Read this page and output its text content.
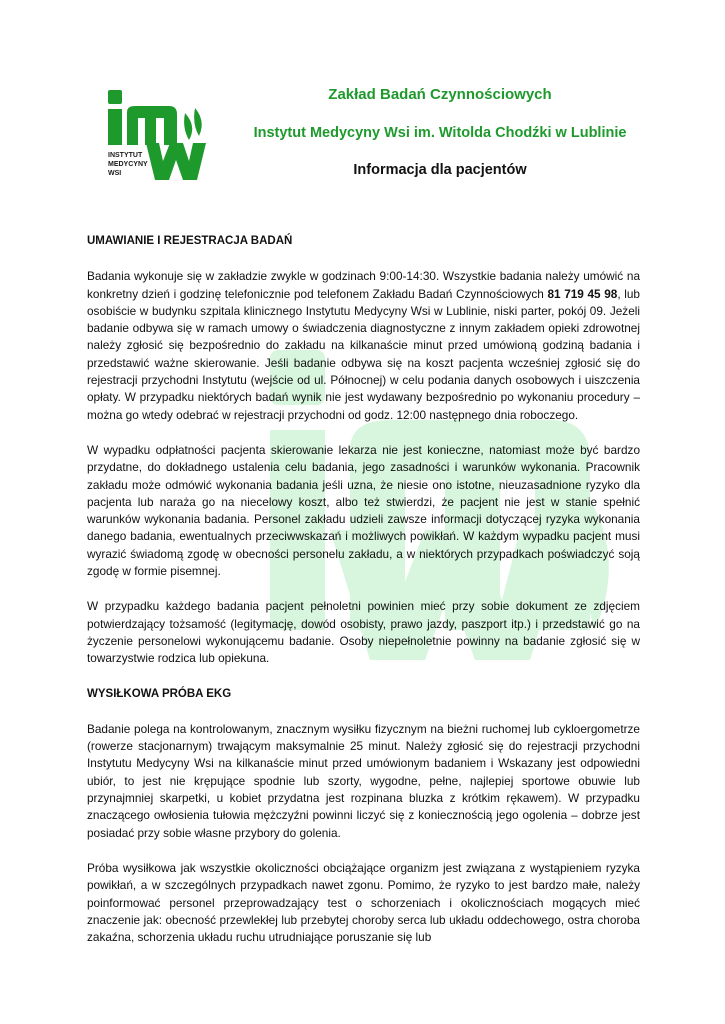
INSTYTUT
MEDYCYNY
WSI
Zakład Badań Czynnościowych
Instytut Medycyny Wsi im. Witolda Chodźki w Lublinie
Informacja dla pacjentów
UMAWIANIE I REJESTRACJA BADAŃ

Badania wykonuje się w zakładzie zwykle w godzinach 9:00-14:30. Wszystkie badania należy umówić na konkretny dzień i godzinę telefonicznie pod telefonem Zakładu Badań Czynnościowych 81 719 45 98, lub osobiście w budynku szpitala klinicznego Instytutu Medycyny Wsi w Lublinie, niski parter, pokój 09. Jeżeli badanie odbywa się w ramach umowy o świadczenia diagnostyczne z innym zakładem opieki zdrowotnej należy zgłosić się bezpośrednio do zakładu na kilkanaście minut przed umówioną godziną badania i przedstawić ważne skierowanie. Jeśli badanie odbywa się na koszt pacjenta wcześniej zgłosić się do rejestracji przychodni Instytutu (wejście od ul. Północnej) w celu podania danych osobowych i uiszczenia opłaty. W przypadku niektórych badań wynik nie jest wydawany bezpośrednio po wykonaniu procedury – można go wtedy odebrać w rejestracji przychodni od godz. 12:00 następnego dnia roboczego.

W wypadku odpłatności pacjenta skierowanie lekarza nie jest konieczne, natomiast może być bardzo przydatne, do dokładnego ustalenia celu badania, jego zasadności i warunków wykonania. Pracownik zakładu może odmówić wykonania badania jeśli uzna, że niesie ono istotne, nieuzasadnione ryzyko dla pacjenta lub naraża go na niecelowy koszt, albo też stwierdzi, że pacjent nie jest w stanie spełnić warunków wykonania badania. Personel zakładu udzieli zawsze informacji dotyczącej ryzyka wykonania danego badania, ewentualnych przeciwwskazań i możliwych powikłań. W każdym wypadku pacjent musi wyrazić świadomą zgodę w obecności personelu zakładu, a w niektórych przypadkach poświadczyć soją zgodę w formie pisemnej.

W przypadku każdego badania pacjent pełnoletni powinien mieć przy sobie dokument ze zdjęciem potwierdzający tożsamość (legitymację, dowód osobisty, prawo jazdy, paszport itp.) i przedstawić go na życzenie personelowi wykonującemu badanie. Osoby niepełnoletnie powinny na badanie zgłosić się w towarzystwie rodzica lub opiekuna.

WYSIŁKOWA PRÓBA EKG

Badanie polega na kontrolowanym, znacznym wysiłku fizycznym na bieżni ruchomej lub cykloergometrze (rowerze stacjonarnym) trwającym maksymalnie 25 minut. Należy zgłosić się do rejestracji przychodni Instytutu Medycyny Wsi na kilkanaście minut przed umówionym badaniem i Wskazany jest odpowiedni ubiór, to jest nie krępujące spodnie lub szorty, wygodne, pełne, najlepiej sportowe obuwie lub przynajmniej skarpetki, u kobiet przydatna jest rozpinana bluzka z krótkim rękawem). W przypadku znaczącego owłosienia tułowia mężczyźni powinni liczyć się z koniecznością jego ogolenia – dobrze jest posiadać przy sobie własne przybory do golenia.

Próba wysiłkowa jak wszystkie okoliczności obciążające organizm jest związana z wystąpieniem ryzyka powikłań, a w szczególnych przypadkach nawet zgonu. Pomimo, że ryzyko to jest bardzo małe, należy poinformować personel przeprowadzający test o schorzeniach i okolicznościach mogących mieć znaczenie jak: obecność przewlekłej lub przebytej choroby serca lub układu oddechowego, ostra choroba zakaźna, schorzenia układu ruchu utrudniające poruszanie się lub
